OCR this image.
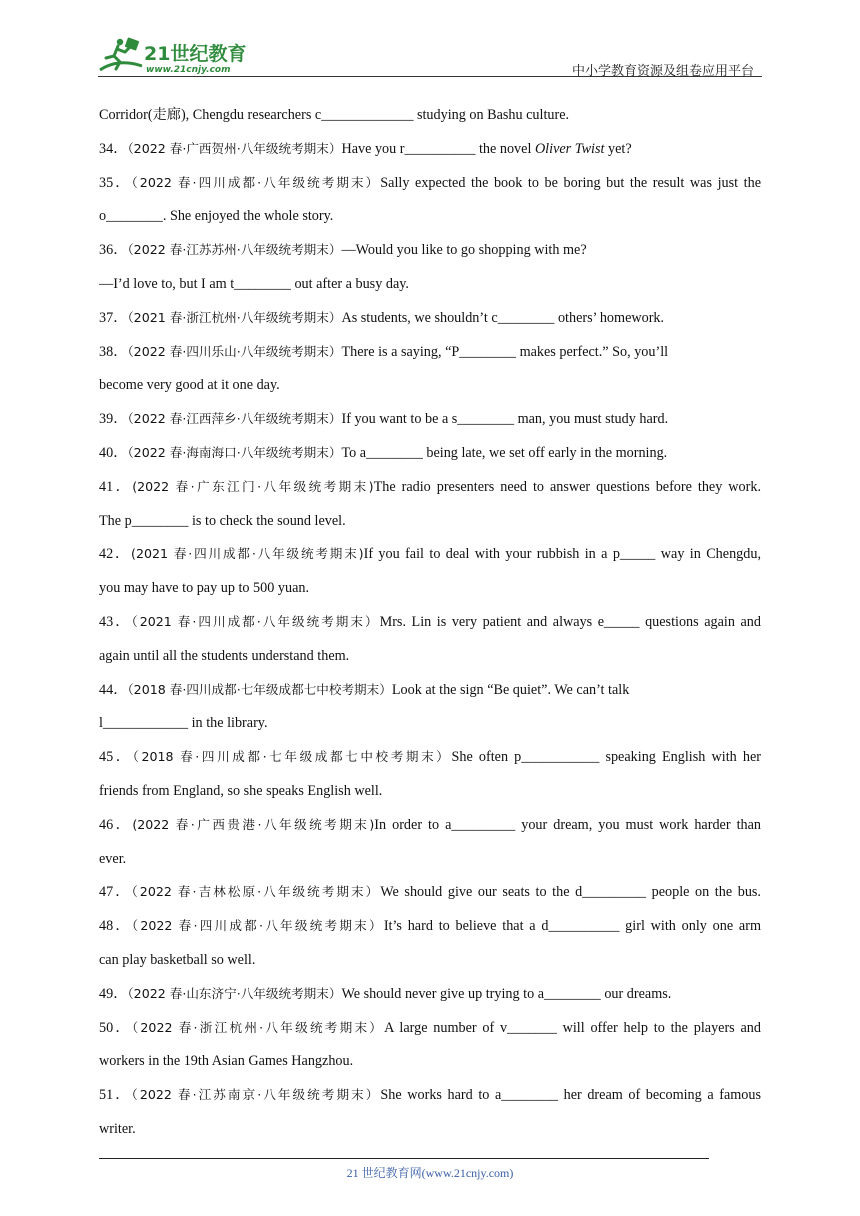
21世纪教育
www.21cnjy.com	中小学教育资源及组卷应用平台
Corridor(走廊), Chengdu researchers c_____________ studying on Bashu culture.
34．（2022 春·广西贺州·八年级统考期末）Have you r__________ the novel Oliver Twist yet?
35．（2022 春·四川成都·八年级统考期末）Sally expected the book to be boring but the result was just the
o________. She enjoyed the whole story.
36．（2022 春·江苏苏州·八年级统考期末）—Would you like to go shopping with me?
—I’d love to, but I am t________ out after a busy day.
37．（2021 春·浙江杭州·八年级统考期末）As students, we shouldn’t c________ others’ homework.
38．（2022 春·四川乐山·八年级统考期末）There is a saying, “P________ makes perfect.” So, you’ll
become very good at it one day.
39．（2022 春·江西萍乡·八年级统考期末）If you want to be a s________ man, you must study hard.
40．（2022 春·海南海口·八年级统考期末）To a________ being late, we set off early in the morning.
41．(2022 春·广东江门·八年级统考期末)The radio presenters need to answer questions before they work.
The p________ is to check the sound level.
42．(2021 春·四川成都·八年级统考期末)If you fail to deal with your rubbish in a p_____ way in Chengdu,
you may have to pay up to 500 yuan.
43．（2021 春·四川成都·八年级统考期末）Mrs. Lin is very patient and always e_____ questions again and
again until all the students understand them.
44．（2018 春·四川成都·七年级成都七中校考期末）Look at the sign “Be quiet”. We can’t talk
l____________ in the library.
45．（2018 春·四川成都·七年级成都七中校考期末）She often p___________ speaking English with her
friends from England, so she speaks English well.
46．(2022 春·广西贵港·八年级统考期末)In order to a_________ your dream, you must work harder than
ever.
47．（2022 春·吉林松原·八年级统考期末）We should give our seats to the d_________ people on the bus.
48．（2022 春·四川成都·八年级统考期末）It’s hard to believe that a d__________ girl with only one arm
can play basketball so well.
49．（2022 春·山东济宁·八年级统考期末）We should never give up trying to a________ our dreams.
50．（2022 春·浙江杭州·八年级统考期末）A large number of v_______ will offer help to the players and
workers in the 19th Asian Games Hangzhou.
51．（2022 春·江苏南京·八年级统考期末）She works hard to a________ her dream of becoming a famous
writer.
21 世纪教育网(www.21cnjy.com)
